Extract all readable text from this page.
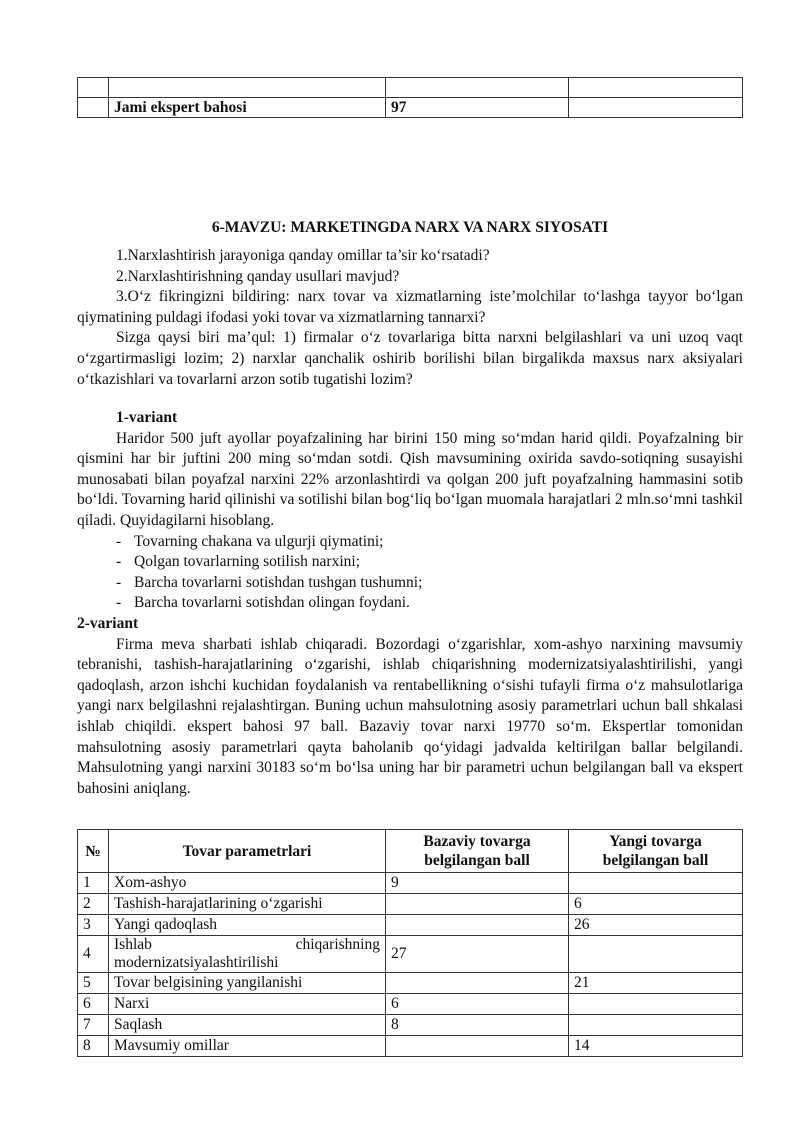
	Jami ekspert bahosi	97	
6-MAVZU: MARKETINGDA NARX VA NARX SIYOSATI

1.Narxlashtirish jarayoniga qanday omillar ta’sir ko‘rsatadi?

2.Narxlashtirishning qanday usullari mavjud?

3.O‘z fikringizni bildiring: narx tovar va xizmatlarning iste’molchilar to‘lashga tayyor bo‘lgan qiymatining puldagi ifodasi yoki tovar va xizmatlarning tannarxi?

Sizga qaysi biri ma’qul: 1) firmalar o‘z tovarlariga bitta narxni belgilashlari va uni uzoq vaqt o‘zgartirmasligi lozim; 2) narxlar qanchalik oshirib borilishi bilan birgalikda maxsus narx aksiyalari o‘tkazishlari va tovarlarni arzon sotib tugatishi lozim?

1-variant

Haridor 500 juft ayollar poyafzalining har birini 150 ming so‘mdan harid qildi. Poyafzalning bir qismini har bir juftini 200 ming so‘mdan sotdi. Qish mavsumining oxirida savdo-sotiqning susayishi munosabati bilan poyafzal narxini 22% arzonlashtirdi va qolgan 200 juft poyafzalning hammasini sotib bo‘ldi. Tovarning harid qilinishi va sotilishi bilan bog‘liq bo‘lgan muomala harajatlari 2 mln.so‘mni tashkil qiladi. Quyidagilarni hisoblang.

- Tovarning chakana va ulgurji qiymatini;
- Qolgan tovarlarning sotilish narxini;
- Barcha tovarlarni sotishdan tushgan tushumni;
- Barcha tovarlarni sotishdan olingan foydani.

2-variant

Firma meva sharbati ishlab chiqaradi. Bozordagi o‘zgarishlar, xom-ashyo narxining mavsumiy tebranishi, tashish-harajatlarining o‘zgarishi, ishlab chiqarishning modernizatsiyalashtirilishi, yangi qadoqlash, arzon ishchi kuchidan foydalanish va rentabellikning o‘sishi tufayli firma o‘z mahsulotlariga yangi narx belgilashni rejalashtirgan. Buning uchun mahsulotning asosiy parametrlari uchun ball shkalasi ishlab chiqildi. ekspert bahosi 97 ball. Bazaviy tovar narxi 19770 so‘m. Ekspertlar tomonidan mahsulotning asosiy parametrlari qayta baholanib qo‘yidagi jadvalda keltirilgan ballar belgilandi. Mahsulotning yangi narxini 30183 so‘m bo‘lsa uning har bir parametri uchun belgilangan ball va ekspert bahosini aniqlang.

№	Tovar parametrlari	Bazaviy tovarga belgilangan ball	Yangi tovarga belgilangan ball
1	Xom-ashyo	9	
2	Tashish-harajatlarining o‘zgarishi		6
3	Yangi qadoqlash		26
4	Ishlab chiqarishning modernizatsiyalashtirilishi	27	
5	Tovar belgisining yangilanishi		21
6	Narxi	6	
7	Saqlash	8	
8	Mavsumiy omillar		14
